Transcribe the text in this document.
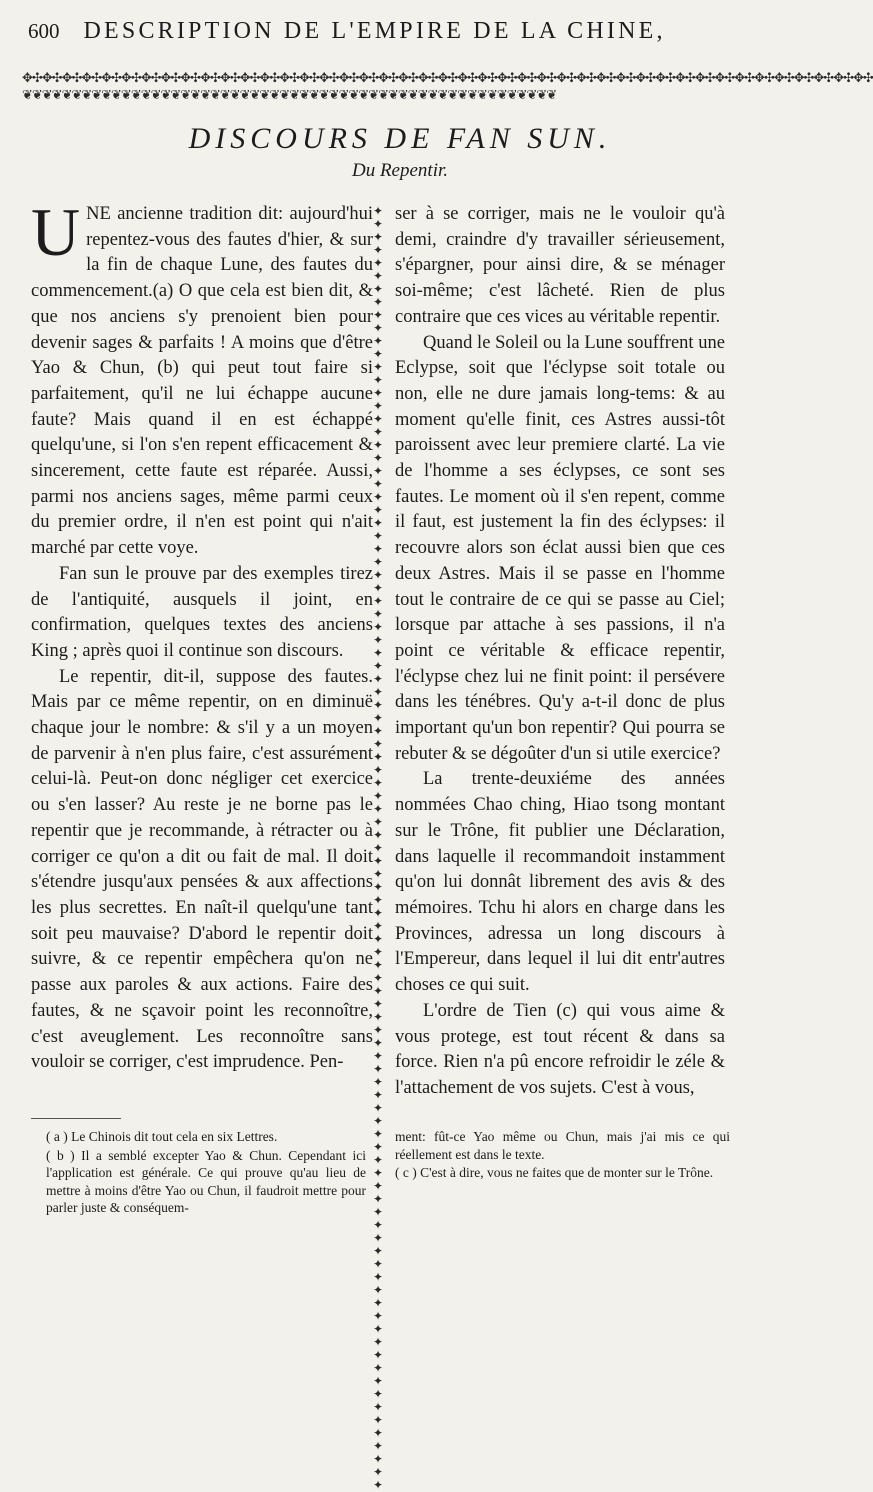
600 DESCRIPTION DE L'EMPIRE DE LA CHINE,
✥✣✥✣✥✣✥✣✥✣✥✣✥✣✥✣✥✣✥✣✥✣✥✣✥✣✥✣✥✣✥✣✥✣✥✣✥✣✥✣✥✣✥✣✥✣✥✣✥✣✥✣✥✣✥✣✥✣✥✣✥✣✥✣✥✣✥✣✥✣✥✣✥✣✥✣✥✣✥✣✥✣✥✣✥✣
❦❦❦❦❦❦❦❦❦❦❦❦❦❦❦❦❦❦❦❦❦❦❦❦❦❦❦❦❦❦❦❦❦❦❦❦❦❦❦❦❦❦❦❦❦❦❦❦❦❦❦❦❦❦
DISCOURS DE FAN SUN.
Du Repentir.

UNE ancienne tradition dit: aujourd'hui repentez-vous des fautes d'hier, & sur la fin de chaque Lune, des fautes du commencement.(a) O que cela est bien dit, & que nos anciens s'y prenoient bien pour devenir sages & parfaits ! A moins que d'être Yao & Chun, (b) qui peut tout faire si parfaitement, qu'il ne lui échappe aucune faute? Mais quand il en est échappé quelqu'une, si l'on s'en repent efficacement & sincerement, cette faute est réparée. Aussi, parmi nos anciens sages, même parmi ceux du premier ordre, il n'en est point qui n'ait marché par cette voye.

Fan sun le prouve par des exemples tirez de l'antiquité, ausquels il joint, en confirmation, quelques textes des anciens King ; après quoi il continue son discours.

Le repentir, dit-il, suppose des fautes. Mais par ce même repentir, on en diminuë chaque jour le nombre: & s'il y a un moyen de parvenir à n'en plus faire, c'est assurément celui-là. Peut-on donc négliger cet exercice ou s'en lasser? Au reste je ne borne pas le repentir que je recommande, à rétracter ou à corriger ce qu'on a dit ou fait de mal. Il doit s'étendre jusqu'aux pensées & aux affections les plus secrettes. En naît-il quelqu'une tant soit peu mauvaise? D'abord le repentir doit suivre, & ce repentir empêchera qu'on ne passe aux paroles & aux actions. Faire des fautes, & ne sçavoir point les reconnoître, c'est aveuglement. Les reconnoître sans vouloir se corriger, c'est imprudence. Pen-

✦ ✦ ✦ ✦ ✦ ✦ ✦ ✦ ✦ ✦ ✦ ✦ ✦ ✦ ✦ ✦ ✦ ✦ ✦ ✦ ✦ ✦ ✦ ✦ ✦ ✦ ✦ ✦ ✦ ✦ ✦ ✦ ✦ ✦ ✦ ✦ ✦ ✦ ✦ ✦ ✦ ✦ ✦ ✦ ✦ ✦ ✦ ✦ ✦ ✦ ✦ ✦ ✦ ✦ ✦ ✦ ✦ ✦ ✦ ✦ ✦ ✦ ✦ ✦ ✦ ✦ ✦ ✦ ✦ ✦ ✦ ✦ ✦ ✦ ✦ ✦ ✦ ✦ ✦ ✦ ✦ ✦ ✦ ✦ ✦ ✦ ✦ ✦ ✦ ✦ ✦ ✦ ✦ ✦ ✦ ✦ ✦ ✦ ✦

ser à se corriger, mais ne le vouloir qu'à demi, craindre d'y travailler sérieusement, s'épargner, pour ainsi dire, & se ménager soi-même; c'est lâcheté. Rien de plus contraire que ces vices au véritable repentir.

Quand le Soleil ou la Lune souffrent une Eclypse, soit que l'éclypse soit totale ou non, elle ne dure jamais long-tems: & au moment qu'elle finit, ces Astres aussi-tôt paroissent avec leur premiere clarté. La vie de l'homme a ses éclypses, ce sont ses fautes. Le moment où il s'en repent, comme il faut, est justement la fin des éclypses: il recouvre alors son éclat aussi bien que ces deux Astres. Mais il se passe en l'homme tout le contraire de ce qui se passe au Ciel; lorsque par attache à ses passions, il n'a point ce véritable & efficace repentir, l'éclypse chez lui ne finit point: il persévere dans les ténébres. Qu'y a-t-il donc de plus important qu'un bon repentir? Qui pourra se rebuter & se dégoûter d'un si utile exercice?

La trente-deuxiéme des années nommées Chao ching, Hiao tsong montant sur le Trône, fit publier une Déclaration, dans laquelle il recommandoit instamment qu'on lui donnât librement des avis & des mémoires. Tchu hi alors en charge dans les Provinces, adressa un long discours à l'Empereur, dans lequel il lui dit entr'autres choses ce qui suit.

L'ordre de Tien (c) qui vous aime & vous protege, est tout récent & dans sa force. Rien n'a pû encore refroidir le zéle & l'attachement de vos sujets. C'est à vous,

( a ) Le Chinois dit tout cela en six Lettres.

( b ) Il a semblé excepter Yao & Chun. Cependant ici l'application est générale. Ce qui prouve qu'au lieu de mettre à moins d'être Yao ou Chun, il faudroit mettre pour parler juste & conséquem-

ment: fût-ce Yao même ou Chun, mais j'ai mis ce qui réellement est dans le texte.

( c ) C'est à dire, vous ne faites que de monter sur le Trône.
